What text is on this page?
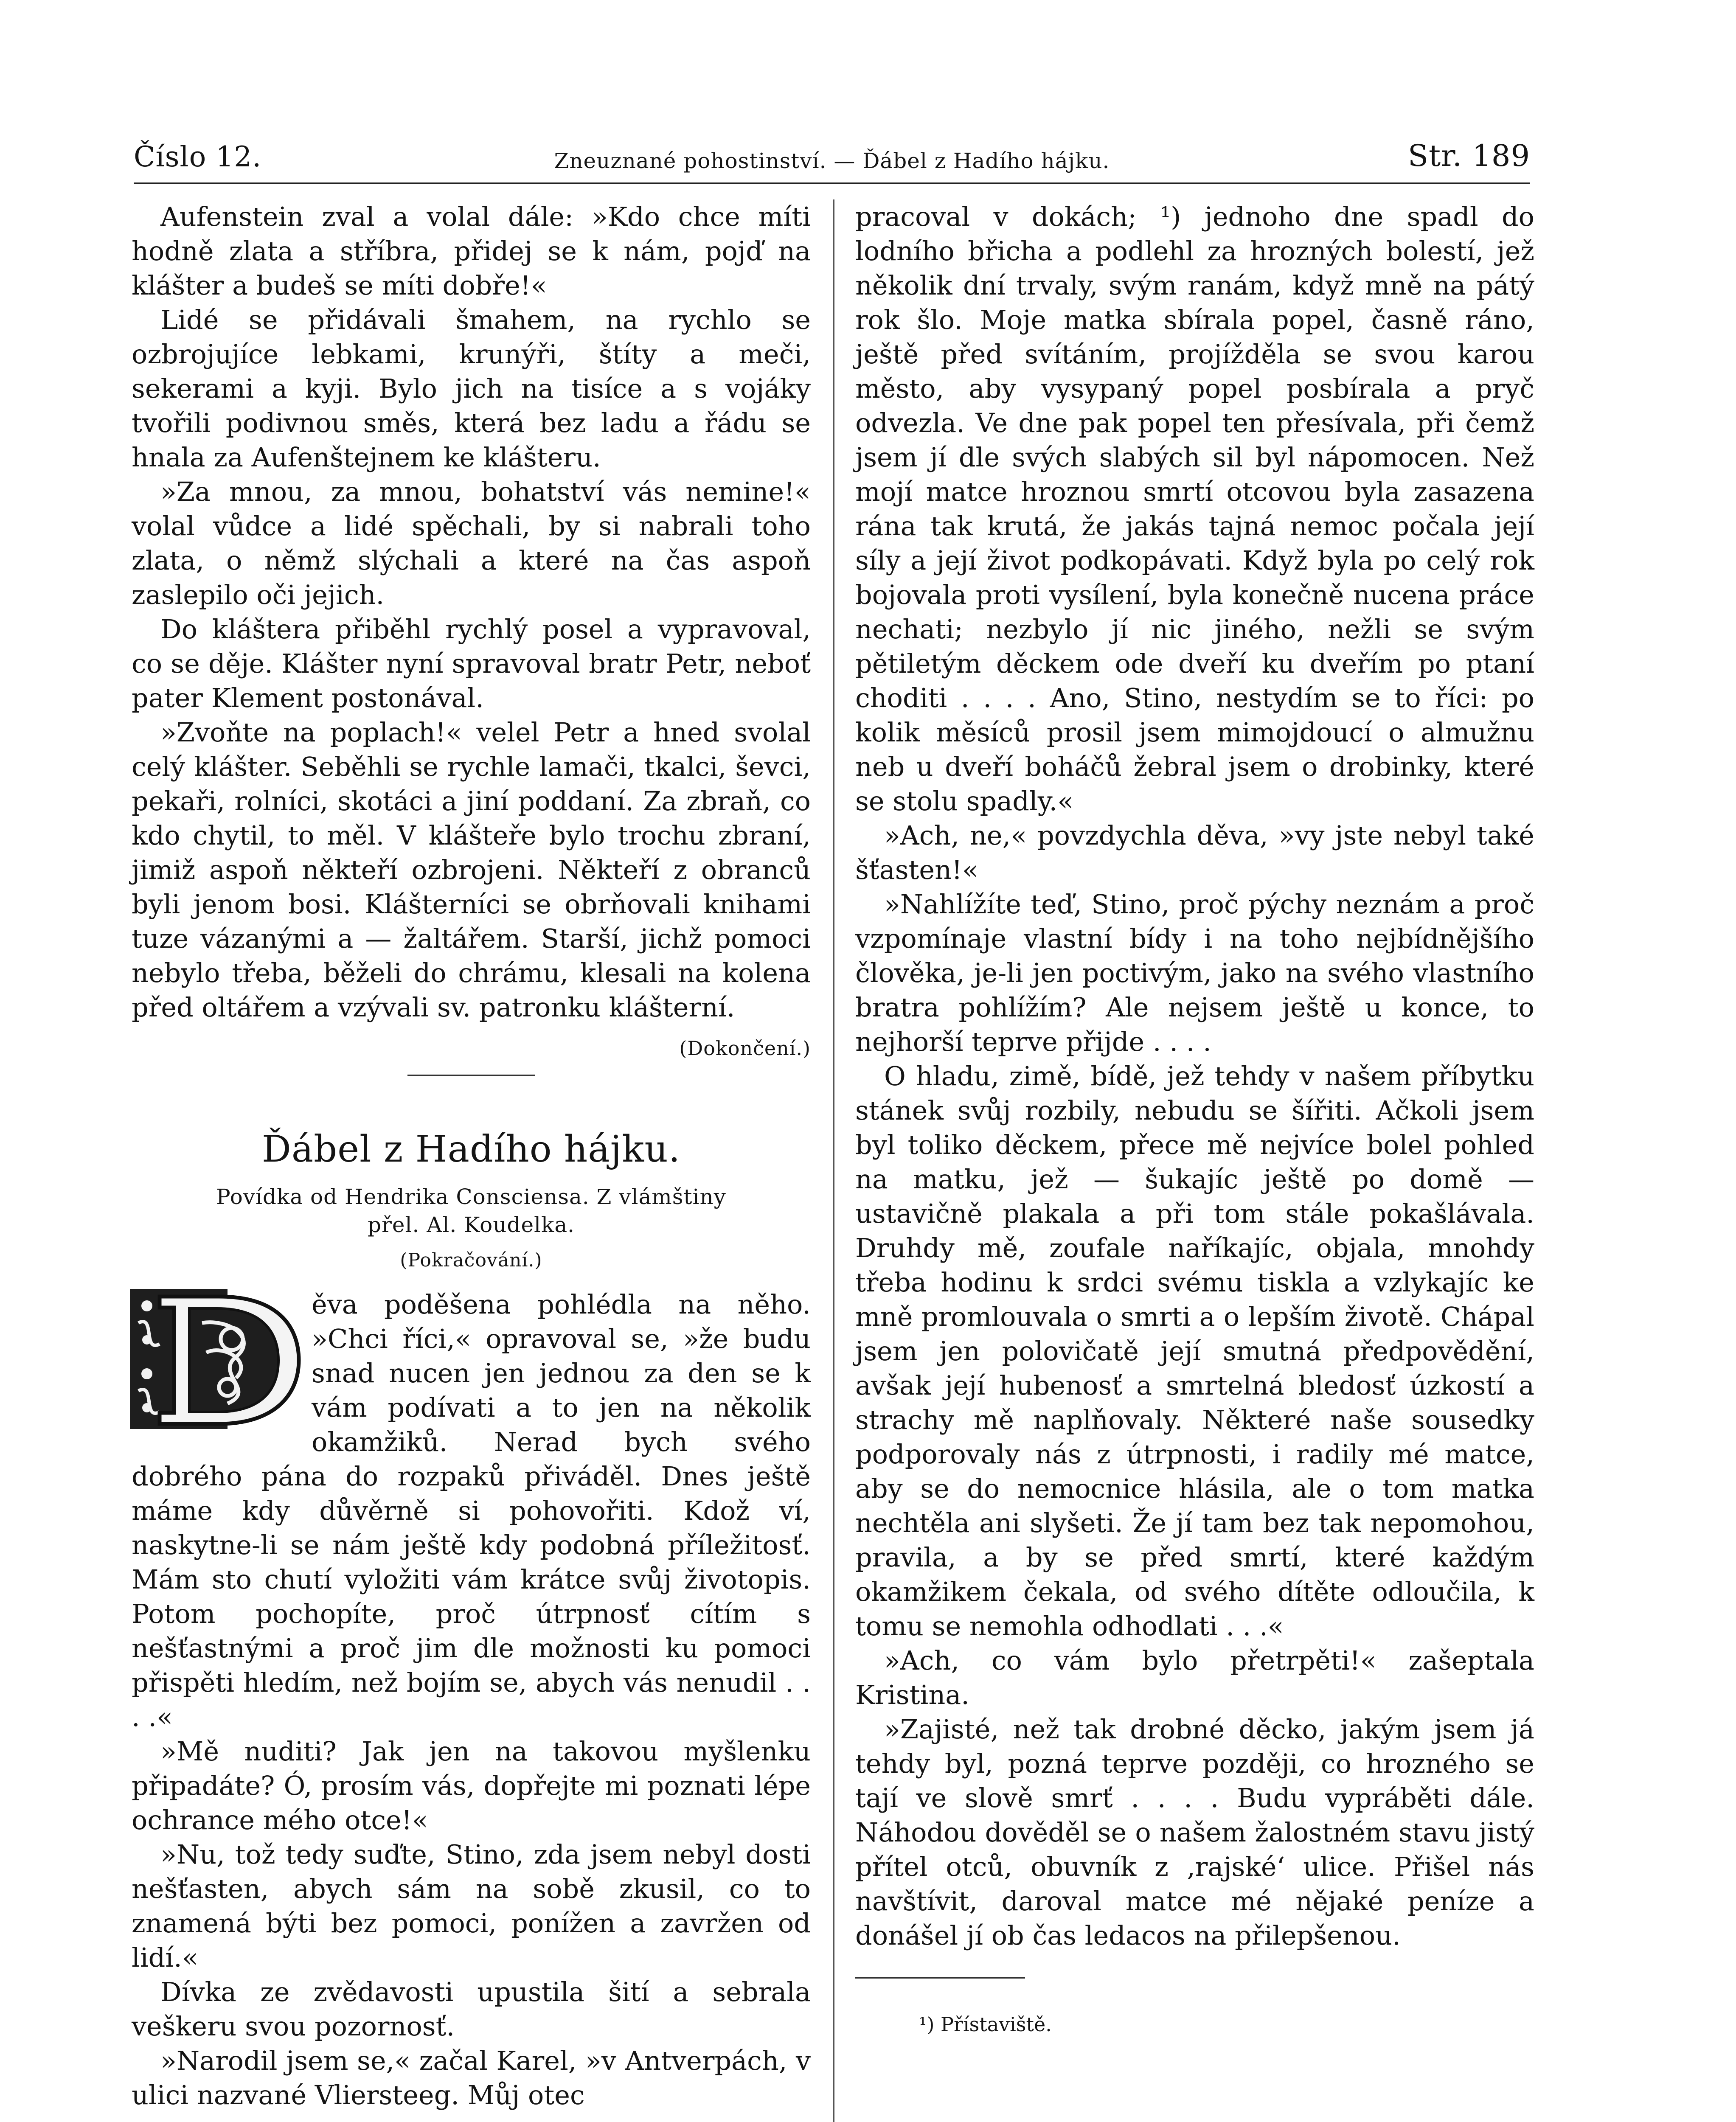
Číslo 12.	Zneuznané pohostinství. — Ďábel z Hadího hájku.	Str. 189

Aufenstein zval a volal dále: »Kdo chce míti hodně zlata a stříbra, přidej se k nám, pojď na klášter a budeš se míti dobře!«

Lidé se přidávali šmahem, na rychlo se ozbrojujíce lebkami, krunýři, štíty a meči, sekerami a kyji. Bylo jich na tisíce a s vojáky tvořili podivnou směs, která bez ladu a řádu se hnala za Aufenštejnem ke klášteru.

»Za mnou, za mnou, bohatství vás nemine!« volal vůdce a lidé spěchali, by si nabrali toho zlata, o němž slýchali a které na čas aspoň zaslepilo oči jejich.

Do kláštera přiběhl rychlý posel a vypravoval, co se děje. Klášter nyní spravoval bratr Petr, neboť pater Klement postonával.

»Zvoňte na poplach!« velel Petr a hned svolal celý klášter. Seběhli se rychle lamači, tkalci, ševci, pekaři, rolníci, skotáci a jiní poddaní. Za zbraň, co kdo chytil, to měl. V klášteře bylo trochu zbraní, jimiž aspoň někteří ozbrojeni. Někteří z obranců byli jenom bosi. Klášterníci se obrňovali knihami tuze vázanými a — žaltářem. Starší, jichž pomoci nebylo třeba, běželi do chrámu, klesali na kolena před oltářem a vzývali sv. patronku klášterní.

(Dokončení.)
Ďábel z Hadího hájku.

Povídka od Hendrika Consciensa. Z vlámštiny

přel. Al. Koudelka.

(Pokračování.)

ěva poděšena pohlédla na něho. »Chci říci,« opravoval se, »že budu snad nucen jen jednou za den se k vám podívati a to jen na několik okamžiků. Nerad bych svého dobrého pána do rozpaků přiváděl. Dnes ještě máme kdy důvěrně si pohovořiti. Kdož ví, naskytne-li se nám ještě kdy podobná příležitosť. Mám sto chutí vyložiti vám krátce svůj životopis. Potom pochopíte, proč útrpnosť cítím s nešťastnými a proč jim dle možnosti ku pomoci přispěti hledím, než bojím se, abych vás nenudil . . . .«

»Mě nuditi? Jak jen na takovou myšlenku připadáte? Ó, prosím vás, dopřejte mi poznati lépe ochrance mého otce!«

»Nu, tož tedy suďte, Stino, zda jsem nebyl dosti nešťasten, abych sám na sobě zkusil, co to znamená býti bez pomoci, ponížen a zavržen od lidí.«

Dívka ze zvědavosti upustila šití a sebrala veškeru svou pozornosť.

»Narodil jsem se,« začal Karel, »v Antverpách, v ulici nazvané Vliersteeg. Můj otec

pracoval v dokách; ¹) jednoho dne spadl do lodního břicha a podlehl za hrozných bolestí, jež několik dní trvaly, svým ranám, když mně na pátý rok šlo. Moje matka sbírala popel, časně ráno, ještě před svítáním, projížděla se svou karou město, aby vysypaný popel posbírala a pryč odvezla. Ve dne pak popel ten přesívala, při čemž jsem jí dle svých slabých sil byl nápomocen. Než mojí matce hroznou smrtí otcovou byla zasazena rána tak krutá, že jakás tajná nemoc počala její síly a její život podkopávati. Když byla po celý rok bojovala proti vysílení, byla konečně nucena práce nechati; nezbylo jí nic jiného, nežli se svým pětiletým děckem ode dveří ku dveřím po ptaní choditi . . . . Ano, Stino, nestydím se to říci: po kolik měsíců prosil jsem mimojdoucí o almužnu neb u dveří boháčů žebral jsem o drobinky, které se stolu spadly.«

»Ach, ne,« povzdychla děva, »vy jste nebyl také šťasten!«

»Nahlížíte teď, Stino, proč pýchy neznám a proč vzpomínaje vlastní bídy i na toho nejbídnějšího člověka, je-li jen poctivým, jako na svého vlastního bratra pohlížím? Ale nejsem ještě u konce, to nejhorší teprve přijde . . . .

O hladu, zimě, bídě, jež tehdy v našem příbytku stánek svůj rozbily, nebudu se šířiti. Ačkoli jsem byl toliko děckem, přece mě nejvíce bolel pohled na matku, jež — šukajíc ještě po domě — ustavičně plakala a při tom stále pokašlávala. Druhdy mě, zoufale naříkajíc, objala, mnohdy třeba hodinu k srdci svému tiskla a vzlykajíc ke mně promlouvala o smrti a o lepším životě. Chápal jsem jen polovičatě její smutná předpovědění, avšak její hubenosť a smrtelná bledosť úzkostí a strachy mě naplňovaly. Některé naše sousedky podporovaly nás z útrpnosti, i radily mé matce, aby se do nemocnice hlásila, ale o tom matka nechtěla ani slyšeti. Že jí tam bez tak nepomohou, pravila, a by se před smrtí, které každým okamžikem čekala, od svého dítěte odloučila, k tomu se nemohla odhodlati . . .«

»Ach, co vám bylo přetrpěti!« zašeptala Kristina.

»Zajisté, než tak drobné děcko, jakým jsem já tehdy byl, pozná teprve později, co hrozného se tají ve slově smrť . . . . Budu vypráběti dále. Náhodou dověděl se o našem žalostném stavu jistý přítel otců, obuvník z ‚rajské‘ ulice. Přišel nás navštívit, daroval matce mé nějaké peníze a donášel jí ob čas ledacos na přilepšenou.

¹) Přístaviště.
